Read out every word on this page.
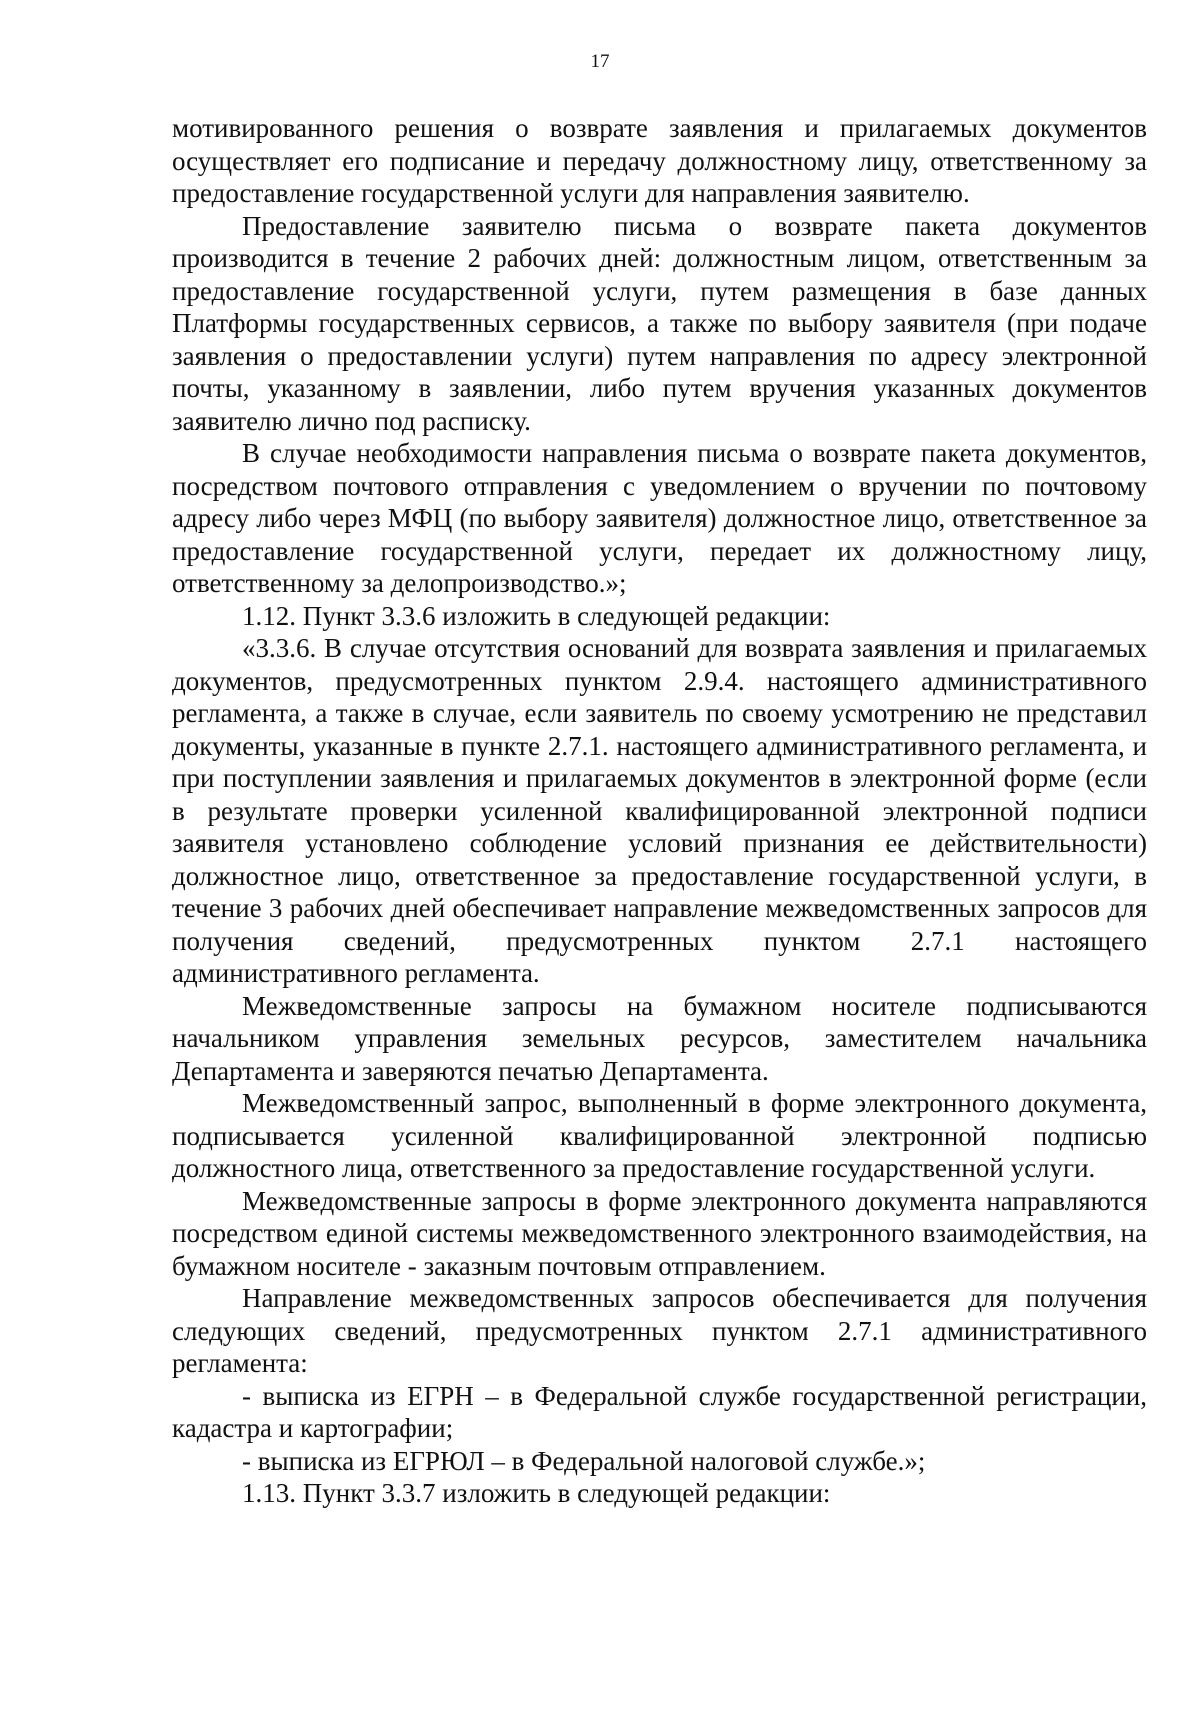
17

мотивированного решения о возврате заявления и прилагаемых документов осуществляет его подписание и передачу должностному лицу, ответственному за предоставление государственной услуги для направления заявителю.

Предоставление заявителю письма о возврате пакета документов производится в течение 2 рабочих дней: должностным лицом, ответственным за предоставление государственной услуги, путем размещения в базе данных Платформы государственных сервисов, а также по выбору заявителя (при подаче заявления о предоставлении услуги) путем направления по адресу электронной почты, указанному в заявлении, либо путем вручения указанных документов заявителю лично под расписку.

В случае необходимости направления письма о возврате пакета документов, посредством почтового отправления с уведомлением о вручении по почтовому адресу либо через МФЦ (по выбору заявителя) должностное лицо, ответственное за предоставление государственной услуги, передает их должностному лицу, ответственному за делопроизводство.»;

1.12. Пункт 3.3.6 изложить в следующей редакции:

«3.3.6. В случае отсутствия оснований для возврата заявления и прилагаемых документов, предусмотренных пунктом 2.9.4. настоящего административного регламента, а также в случае, если заявитель по своему усмотрению не представил документы, указанные в пункте 2.7.1. настоящего административного регламента, и при поступлении заявления и прилагаемых документов в электронной форме (если в результате проверки усиленной квалифицированной электронной подписи заявителя установлено соблюдение условий признания ее действительности) должностное лицо, ответственное за предоставление государственной услуги, в течение 3 рабочих дней обеспечивает направление межведомственных запросов для получения сведений, предусмотренных пунктом 2.7.1 настоящего административного регламента.

Межведомственные запросы на бумажном носителе подписываются начальником управления земельных ресурсов, заместителем начальника Департамента и заверяются печатью Департамента.

Межведомственный запрос, выполненный в форме электронного документа, подписывается усиленной квалифицированной электронной подписью должностного лица, ответственного за предоставление государственной услуги.

Межведомственные запросы в форме электронного документа направляются посредством единой системы межведомственного электронного взаимодействия, на бумажном носителе - заказным почтовым отправлением.

Направление межведомственных запросов обеспечивается для получения следующих сведений, предусмотренных пунктом 2.7.1 административного регламента:

- выписка из ЕГРН – в Федеральной службе государственной регистрации, кадастра и картографии;

- выписка из ЕГРЮЛ – в Федеральной налоговой службе.»;

1.13. Пункт 3.3.7 изложить в следующей редакции:
